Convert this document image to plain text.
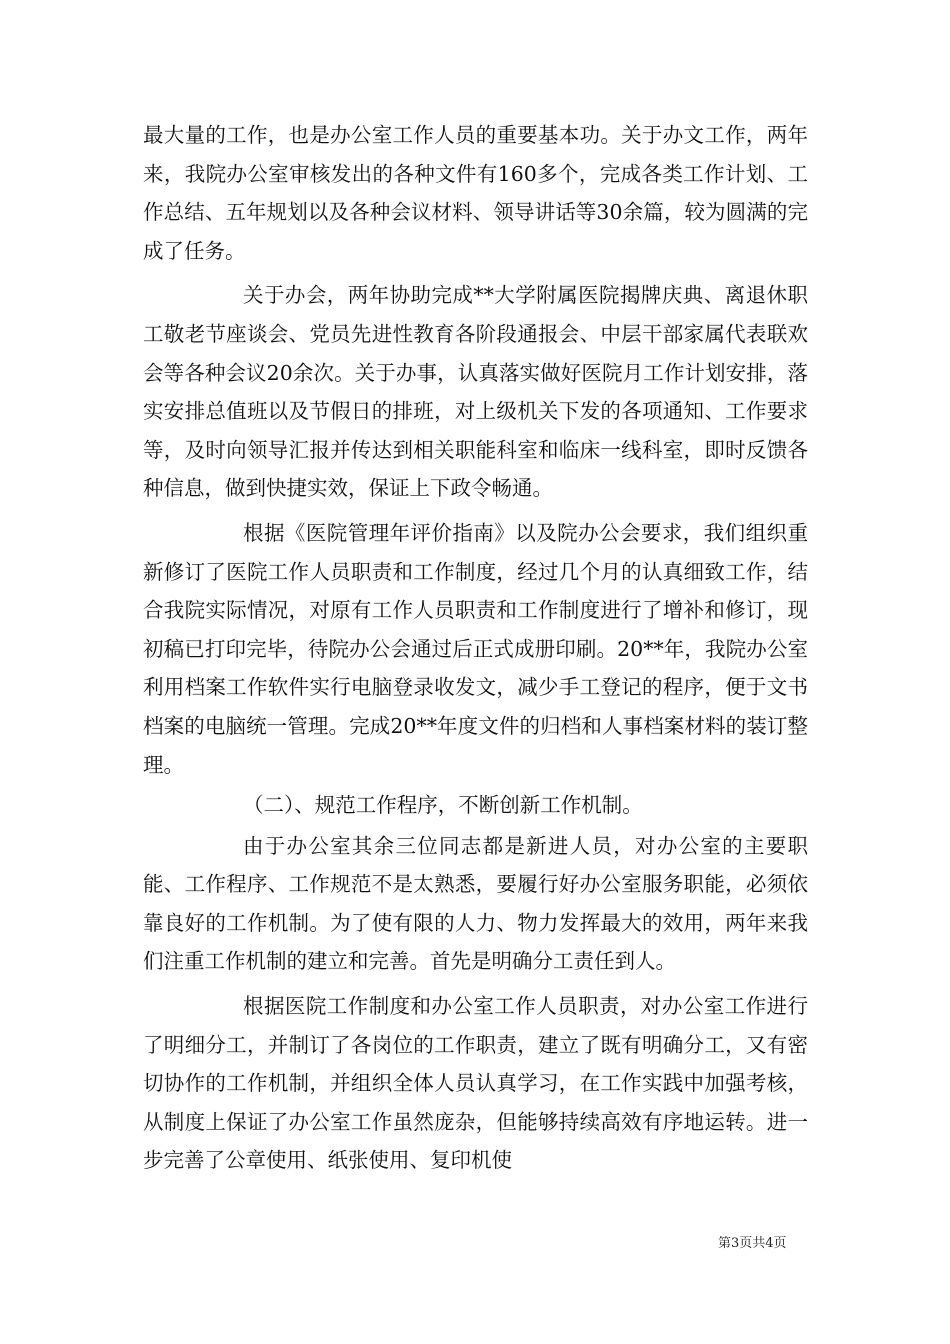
最大量的工作，也是办公室工作人员的重要基本功。关于办文工作，两年来，我院办公室审核发出的各种文件有160多个，完成各类工作计划、工作总结、五年规划以及各种会议材料、领导讲话等30余篇，较为圆满的完成了任务。

关于办会，两年协助完成**大学附属医院揭牌庆典、离退休职工敬老节座谈会、党员先进性教育各阶段通报会、中层干部家属代表联欢会等各种会议20余次。关于办事，认真落实做好医院月工作计划安排，落实安排总值班以及节假日的排班，对上级机关下发的各项通知、工作要求等，及时向领导汇报并传达到相关职能科室和临床一线科室，即时反馈各种信息，做到快捷实效，保证上下政令畅通。

根据《医院管理年评价指南》以及院办公会要求，我们组织重新修订了医院工作人员职责和工作制度，经过几个月的认真细致工作，结合我院实际情况，对原有工作人员职责和工作制度进行了增补和修订，现初稿已打印完毕，待院办公会通过后正式成册印刷。20**年，我院办公室利用档案工作软件实行电脑登录收发文，减少手工登记的程序，便于文书档案的电脑统一管理。完成20**年度文件的归档和人事档案材料的装订整理。

（二）、规范工作程序，不断创新工作机制。

由于办公室其余三位同志都是新进人员，对办公室的主要职能、工作程序、工作规范不是太熟悉，要履行好办公室服务职能，必须依靠良好的工作机制。为了使有限的人力、物力发挥最大的效用，两年来我们注重工作机制的建立和完善。首先是明确分工责任到人。

根据医院工作制度和办公室工作人员职责，对办公室工作进行了明细分工，并制订了各岗位的工作职责，建立了既有明确分工，又有密切协作的工作机制，并组织全体人员认真学习，在工作实践中加强考核，从制度上保证了办公室工作虽然庞杂，但能够持续高效有序地运转。进一步完善了公章使用、纸张使用、复印机使

第3页共4页
